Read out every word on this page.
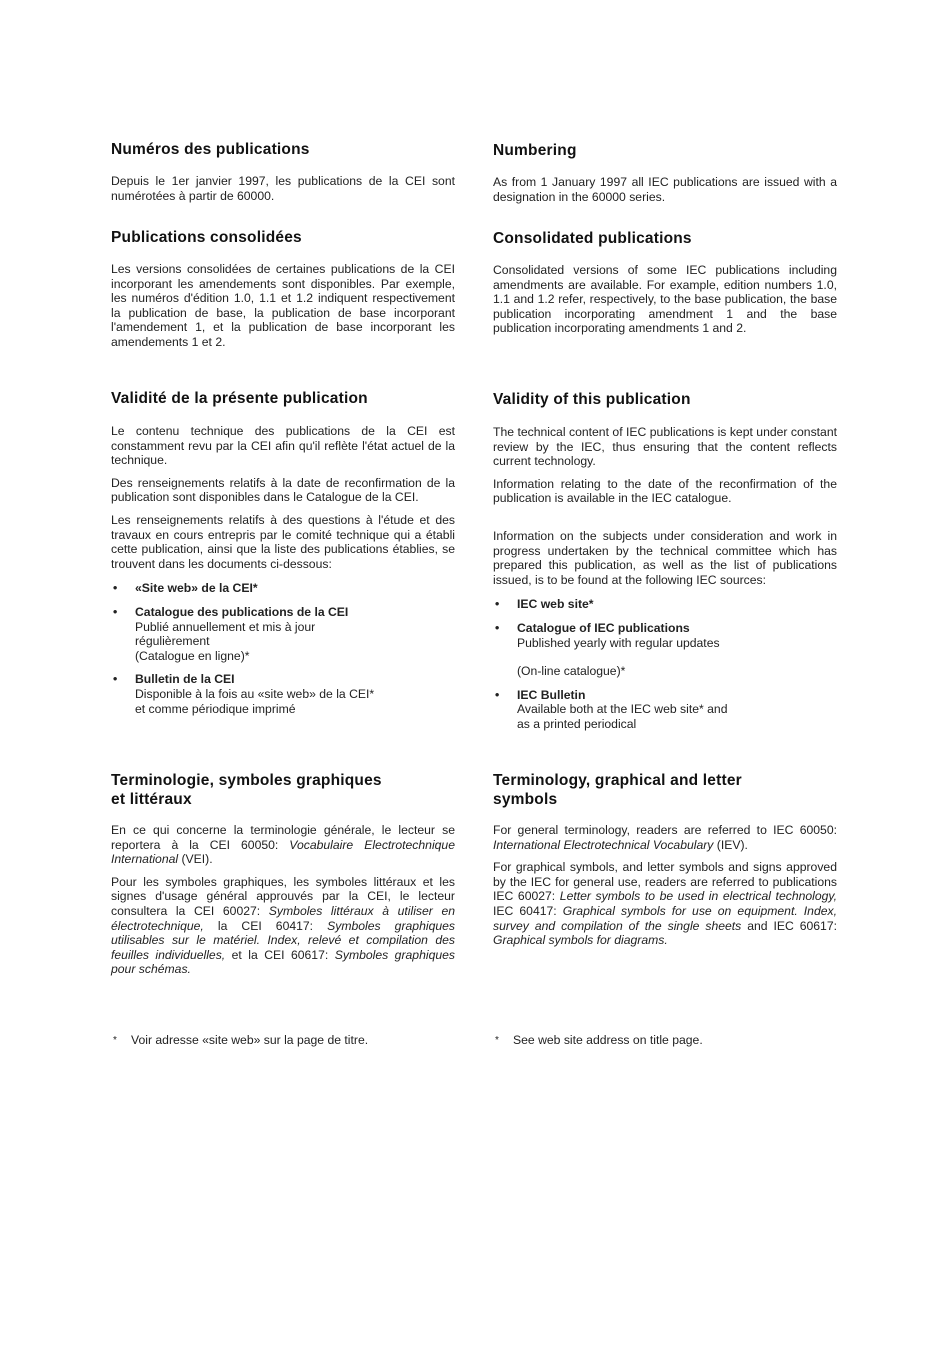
Numéros des publications

Depuis le 1er janvier 1997, les publications de la CEI sont numérotées à partir de 60000.

Publications consolidées

Les versions consolidées de certaines publications de la CEI incorporant les amendements sont disponibles. Par exemple, les numéros d'édition 1.0, 1.1 et 1.2 indiquent respectivement la publication de base, la publication de base incorporant l'amendement 1, et la publication de base incorporant les amendements 1 et 2.

Validité de la présente publication

Le contenu technique des publications de la CEI est constamment revu par la CEI afin qu'il reflète l'état actuel de la technique.

Des renseignements relatifs à la date de reconfirmation de la publication sont disponibles dans le Catalogue de la CEI.

Les renseignements relatifs à des questions à l'étude et des travaux en cours entrepris par le comité technique qui a établi cette publication, ainsi que la liste des publications établies, se trouvent dans les documents ci-dessous:

• «Site web» de la CEI*
• Catalogue des publications de la CEI
Publié annuellement et mis à jour
régulièrement
(Catalogue en ligne)*
• Bulletin de la CEI
Disponible à la fois au «site web» de la CEI*
et comme périodique imprimé
Terminologie, symboles graphiques
et littéraux

En ce qui concerne la terminologie générale, le lecteur se reportera à la CEI 60050: Vocabulaire Electrotechnique International (VEI).

Pour les symboles graphiques, les symboles littéraux et les signes d'usage général approuvés par la CEI, le lecteur consultera la CEI 60027: Symboles littéraux à utiliser en électrotechnique, la CEI 60417: Symboles graphiques utilisables sur le matériel. Index, relevé et compilation des feuilles individuelles, et la CEI 60617: Symboles graphiques pour schémas.

* Voir adresse «site web» sur la page de titre.
Numbering

As from 1 January 1997 all IEC publications are issued with a designation in the 60000 series.

Consolidated publications

Consolidated versions of some IEC publications including amendments are available. For example, edition numbers 1.0, 1.1 and 1.2 refer, respectively, to the base publication, the base publication incorporating amendment 1 and the base publication incorporating amendments 1 and 2.

Validity of this publication

The technical content of IEC publications is kept under constant review by the IEC, thus ensuring that the content reflects current technology.

Information relating to the date of the reconfirmation of the publication is available in the IEC catalogue.

Information on the subjects under consideration and work in progress undertaken by the technical committee which has prepared this publication, as well as the list of publications issued, is to be found at the following IEC sources:

• IEC web site*
• Catalogue of IEC publications
Published yearly with regular updates
(On-line catalogue)*
• IEC Bulletin
Available both at the IEC web site* and
as a printed periodical
Terminology, graphical and letter
symbols

For general terminology, readers are referred to IEC 60050: International Electrotechnical Vocabulary (IEV).

For graphical symbols, and letter symbols and signs approved by the IEC for general use, readers are referred to publications IEC 60027: Letter symbols to be used in electrical technology, IEC 60417: Graphical symbols for use on equipment. Index, survey and compilation of the single sheets and IEC 60617: Graphical symbols for diagrams.

* See web site address on title page.
